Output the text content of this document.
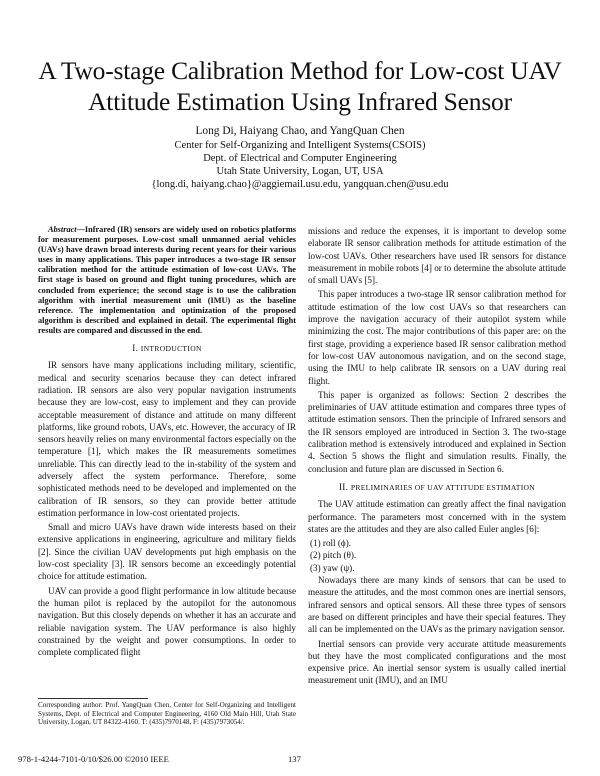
A Two-stage Calibration Method for Low-cost UAV
Attitude Estimation Using Infrared Sensor
Long Di, Haiyang Chao, and YangQuan Chen
Center for Self-Organizing and Intelligent Systems(CSOIS)
Dept. of Electrical and Computer Engineering
Utah State University, Logan, UT, USA
{long.di, haiyang.chao}@aggiemail.usu.edu, yangquan.chen@usu.edu

Abstract—Infrared (IR) sensors are widely used on robotics platforms for measurement purposes. Low-cost small unmanned aerial vehicles (UAVs) have drawn broad interests during recent years for their various uses in many applications. This paper introduces a two-stage IR sensor calibration method for the attitude estimation of low-cost UAVs. The first stage is based on ground and flight tuning procedures, which are concluded from experience; the second stage is to use the calibration algorithm with inertial measurement unit (IMU) as the baseline reference. The implementation and optimization of the proposed algorithm is described and explained in detail. The experimental flight results are compared and discussed in the end.

I. INTRODUCTION

IR sensors have many applications including military, scientific, medical and security scenarios because they can detect infrared radiation. IR sensors are also very popular navigation instruments because they are low-cost, easy to implement and they can provide acceptable measurement of distance and attitude on many different platforms, like ground robots, UAVs, etc. However, the accuracy of IR sensors heavily relies on many environmental factors especially on the temperature [1], which makes the IR measurements sometimes unreliable. This can directly lead to the in-stability of the system and adversely affect the system performance. Therefore, some sophisticated methods need to be developed and implemented on the calibration of IR sensors, so they can provide better attitude estimation performance in low-cost orientated projects.

Small and micro UAVs have drawn wide interests based on their extensive applications in engineering, agriculture and military fields [2]. Since the civilian UAV developments put high emphasis on the low-cost speciality [3]. IR sensors become an exceedingly potential choice for attitude estimation.

UAV can provide a good flight performance in low altitude because the human pilot is replaced by the autopilot for the autonomous navigation. But this closely depends on whether it has an accurate and reliable navigation system. The UAV performance is also highly constrained by the weight and power consumptions. In order to complete complicated flight

Corresponding author: Prof. YangQuan Chen, Center for Self-Organizing and Intelligent Systems, Dept. of Electrical and Computer Engineering, 4160 Old Main Hill, Utah State University, Logan, UT 84322-4160. T: (435)7970148, F: (435)7973054/.

missions and reduce the expenses, it is important to develop some elaborate IR sensor calibration methods for attitude estimation of the low-cost UAVs. Other researchers have used IR sensors for distance measurement in mobile robots [4] or to determine the absolute attitude of small UAVs [5].

This paper introduces a two-stage IR sensor calibration method for attitude estimation of the low cost UAVs so that researchers can improve the navigation accuracy of their autopilot system while minimizing the cost. The major contributions of this paper are: on the first stage, providing a experience based IR sensor calibration method for low-cost UAV autonomous navigation, and on the second stage, using the IMU to help calibrate IR sensors on a UAV during real flight.

This paper is organized as follows: Section 2 describes the preliminaries of UAV attitude estimation and compares three types of attitude estimation sensors. Then the principle of Infrared sensors and the IR sensors employed are introduced in Section 3. The two-stage calibration method is extensively introduced and explained in Section 4. Section 5 shows the flight and simulation results. Finally, the conclusion and future plan are discussed in Section 6.

II. PRELIMINARIES OF UAV ATTITUDE ESTIMATION

The UAV attitude estimation can greatly affect the final navigation performance. The parameters most concerned with in the system states are the attitudes and they are also called Euler angles [6]:

(1) roll (ϕ).
(2) pitch (θ).
(3) yaw (ψ).

Nowadays there are many kinds of sensors that can be used to measure the attitudes, and the most common ones are inertial sensors, infrared sensors and optical sensors. All these three types of sensors are based on different principles and have their special features. They all can be implemented on the UAVs as the primary navigation sensor.

Inertial sensors can provide very accurate attitude measurements but they have the most complicated configurations and the most expensive price. An inertial sensor system is usually called inertial measurement unit (IMU), and an IMU

978-1-4244-7101-0/10/$26.00 ©2010 IEEE	137
